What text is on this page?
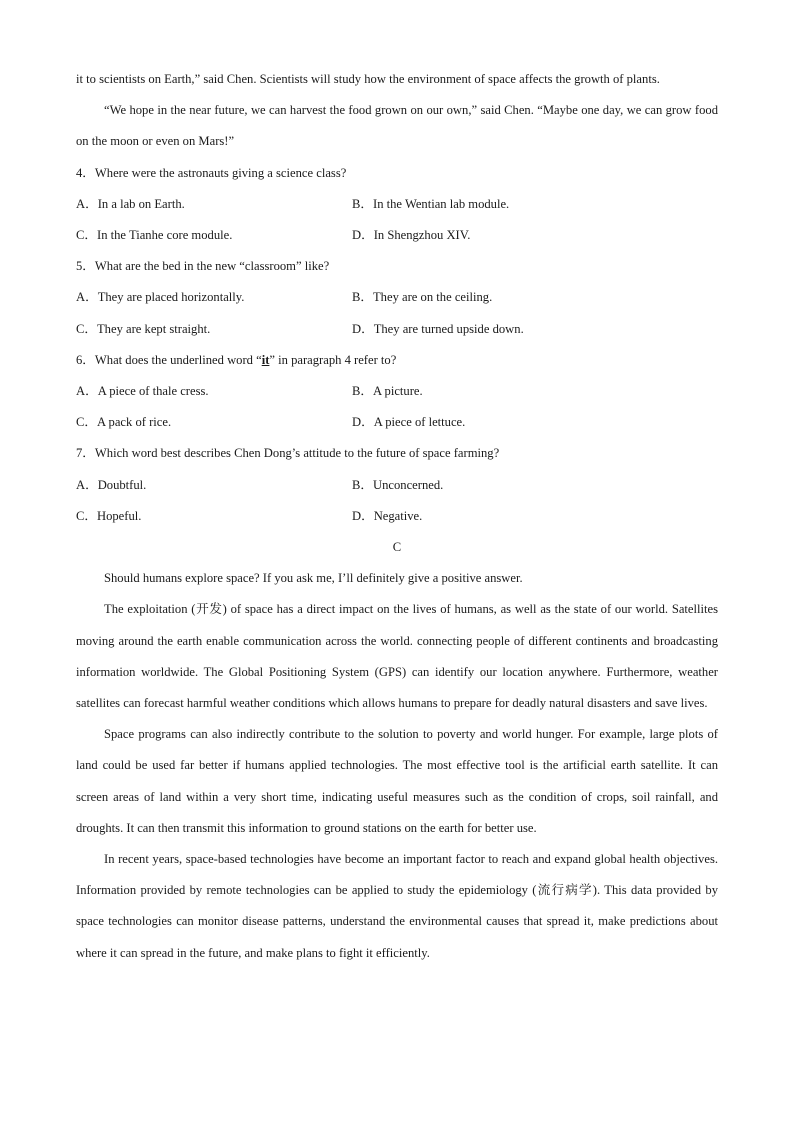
it to scientists on Earth,” said Chen. Scientists will study how the environment of space affects the growth of plants.

“We hope in the near future, we can harvest the food grown on our own,” said Chen. “Maybe one day, we can grow food on the moon or even on Mars!”

4．Where were the astronauts giving a science class?

A．In a lab on Earth.	B．In the Wentian lab module.
C．In the Tianhe core module.	D．In Shengzhou XIV.

5．What are the bed in the new “classroom” like?

A．They are placed horizontally.	B．They are on the ceiling.
C．They are kept straight.	D．They are turned upside down.

6．What does the underlined word “it” in paragraph 4 refer to?

A．A piece of thale cress.	B．A picture.
C．A pack of rice.	D．A piece of lettuce.

7．Which word best describes Chen Dong’s attitude to the future of space farming?

A．Doubtful.	B．Unconcerned.
C．Hopeful.	D．Negative.

C

Should humans explore space? If you ask me, I’ll definitely give a positive answer.

The exploitation (开发) of space has a direct impact on the lives of humans, as well as the state of our world. Satellites moving around the earth enable communication across the world. connecting people of different continents and broadcasting information worldwide. The Global Positioning System (GPS) can identify our location anywhere. Furthermore, weather satellites can forecast harmful weather conditions which allows humans to prepare for deadly natural disasters and save lives.

Space programs can also indirectly contribute to the solution to poverty and world hunger. For example, large plots of land could be used far better if humans applied technologies. The most effective tool is the artificial earth satellite. It can screen areas of land within a very short time, indicating useful measures such as the condition of crops, soil rainfall, and droughts. It can then transmit this information to ground stations on the earth for better use.

In recent years, space-based technologies have become an important factor to reach and expand global health objectives. Information provided by remote technologies can be applied to study the epidemiology (流行病学). This data provided by space technologies can monitor disease patterns, understand the environmental causes that spread it, make predictions about where it can spread in the future, and make plans to fight it efficiently.
